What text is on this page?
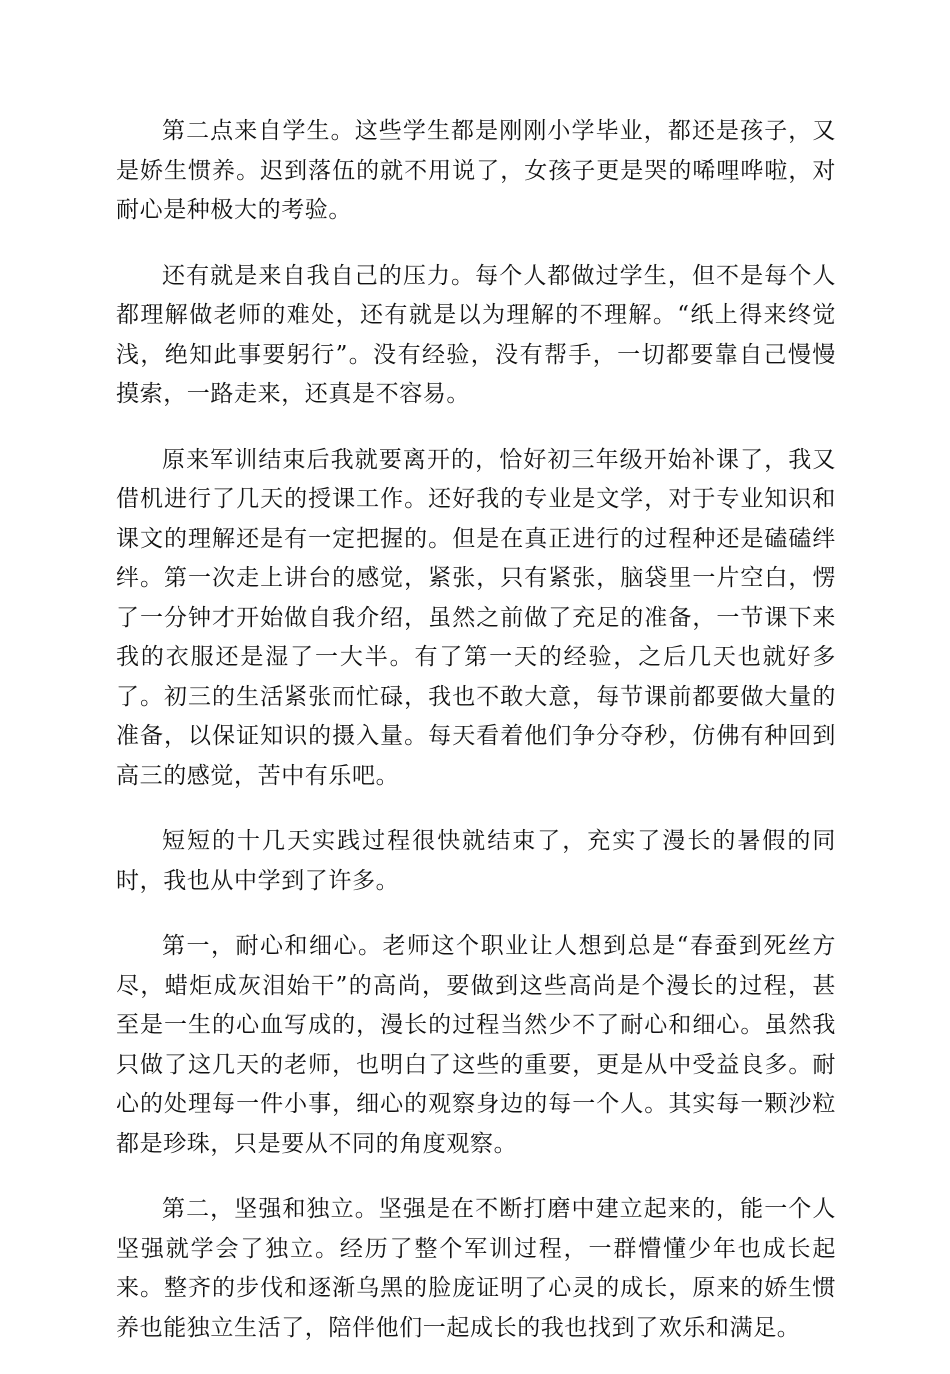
第二点来自学生。这些学生都是刚刚小学毕业，都还是孩子，又是娇生惯养。迟到落伍的就不用说了，女孩子更是哭的唏哩哗啦，对耐心是种极大的考验。

还有就是来自我自己的压力。每个人都做过学生，但不是每个人都理解做老师的难处，还有就是以为理解的不理解。“纸上得来终觉浅，绝知此事要躬行”。没有经验，没有帮手，一切都要靠自己慢慢摸索，一路走来，还真是不容易。

原来军训结束后我就要离开的，恰好初三年级开始补课了，我又借机进行了几天的授课工作。还好我的专业是文学，对于专业知识和课文的理解还是有一定把握的。但是在真正进行的过程种还是磕磕绊绊。第一次走上讲台的感觉，紧张，只有紧张，脑袋里一片空白，愣了一分钟才开始做自我介绍，虽然之前做了充足的准备，一节课下来我的衣服还是湿了一大半。有了第一天的经验，之后几天也就好多了。初三的生活紧张而忙碌，我也不敢大意，每节课前都要做大量的准备，以保证知识的摄入量。每天看着他们争分夺秒，仿佛有种回到高三的感觉，苦中有乐吧。

短短的十几天实践过程很快就结束了，充实了漫长的暑假的同时，我也从中学到了许多。

第一，耐心和细心。老师这个职业让人想到总是“春蚕到死丝方尽，蜡炬成灰泪始干”的高尚，要做到这些高尚是个漫长的过程，甚至是一生的心血写成的，漫长的过程当然少不了耐心和细心。虽然我只做了这几天的老师，也明白了这些的重要，更是从中受益良多。耐心的处理每一件小事，细心的观察身边的每一个人。其实每一颗沙粒都是珍珠，只是要从不同的角度观察。

第二，坚强和独立。坚强是在不断打磨中建立起来的，能一个人坚强就学会了独立。经历了整个军训过程，一群懵懂少年也成长起来。整齐的步伐和逐渐乌黑的脸庞证明了心灵的成长，原来的娇生惯养也能独立生活了，陪伴他们一起成长的我也找到了欢乐和满足。
